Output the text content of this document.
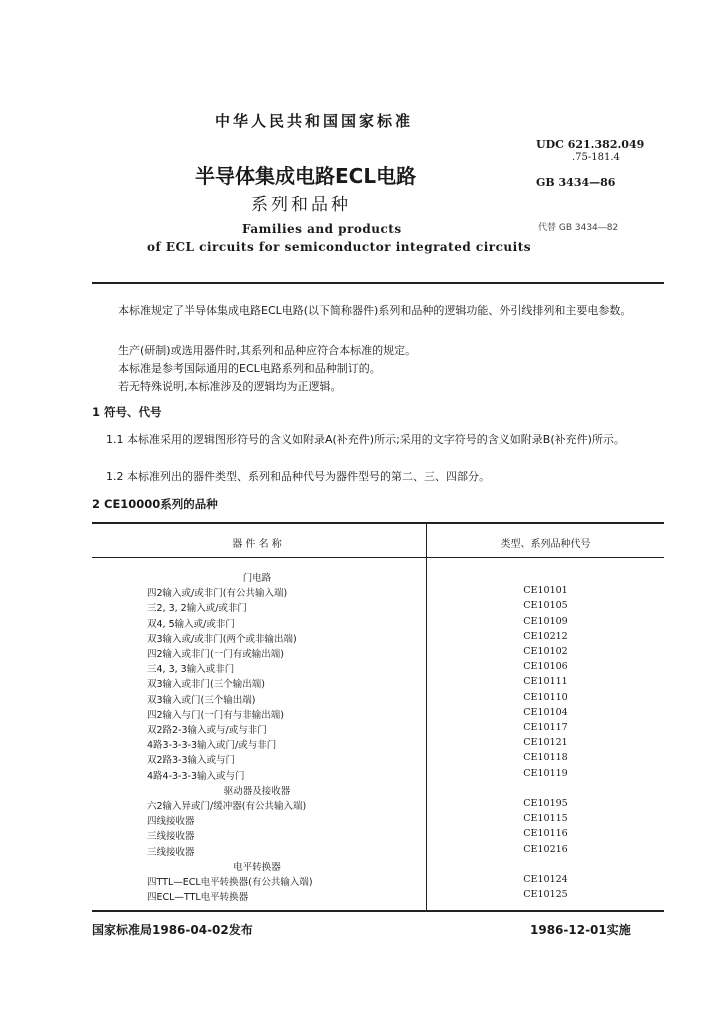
中华人民共和国国家标准
UDC 621.382.049
.75-181.4
半导体集成电路ECL电路	GB 3434—86
系列和品种
代替 GB 3434—82
Families and products
of ECL circuits for semiconductor integrated circuits

本标准规定了半导体集成电路ECL电路(以下简称器件)系列和品种的逻辑功能、外引线排列和主要电参数。

生产(研制)或选用器件时,其系列和品种应符合本标准的规定。
本标准是参考国际通用的ECL电路系列和品种制订的。
若无特殊说明,本标准涉及的逻辑均为正逻辑。
1 符号、代号

1.1 本标准采用的逻辑图形符号的含义如附录A(补充件)所示;采用的文字符号的含义如附录B(补充件)所示。

1.2 本标准列出的器件类型、系列和品种代号为器件型号的第二、三、四部分。
2 CE10000系列的品种
器 件 名 称	类型、系列品种代号
门电路
四2输入或/或非门(有公共输入端)	CE10101
三2, 3, 2输入或/或非门	CE10105
双4, 5输入或/或非门	CE10109
双3输入或/或非门(两个或非输出端)	CE10212
四2输入或非门(一门有或输出端)	CE10102
三4, 3, 3输入或非门	CE10106
双3输入或非门(三个输出端)	CE10111
双3输入或门(三个输出端)	CE10110
四2输入与门(一门有与非输出端)	CE10104
双2路2-3输入或与/或与非门	CE10117
4路3-3-3-3输入或门/或与非门	CE10121
双2路3-3输入或与门	CE10118
4路4-3-3-3输入或与门	CE10119
驱动器及接收器
六2输入异或门/缓冲器(有公共输入端)	CE10195
四线接收器	CE10115
三线接收器	CE10116
三线接收器	CE10216
电平转换器
四TTL—ECL电平转换器(有公共输入端)	CE10124
四ECL—TTL电平转换器	CE10125
国家标准局1986-04-02发布	1986-12-01实施
